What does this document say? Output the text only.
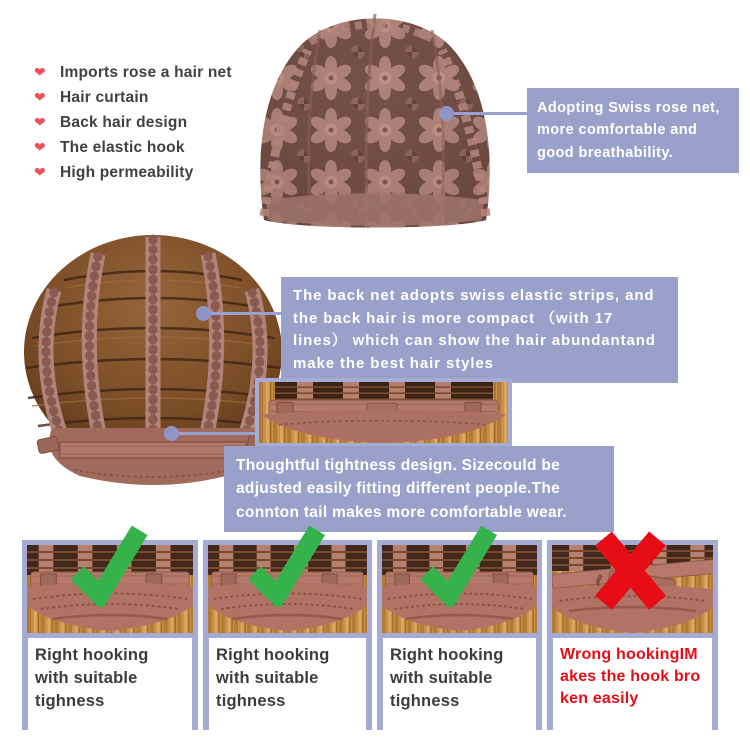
❤ Imports rose a hair net
❤ Hair curtain
❤ Back hair design
❤ The elastic hook
❤ High permeability
Adopting Swiss rose net, more comfortable and good breathability.
The back net adopts swiss elastic strips, and the back hair is more compact （with 17 lines） which can show the hair abundantand make the best hair styles
Thoughtful tightness design. Sizecould be adjusted easily fitting different people.The connton tail makes more comfortable wear.
Right hooking with suitable tighness
Right hooking with suitable tighness
Right hooking with suitable tighness
Wrong hookingIMakes the hook broken easily
